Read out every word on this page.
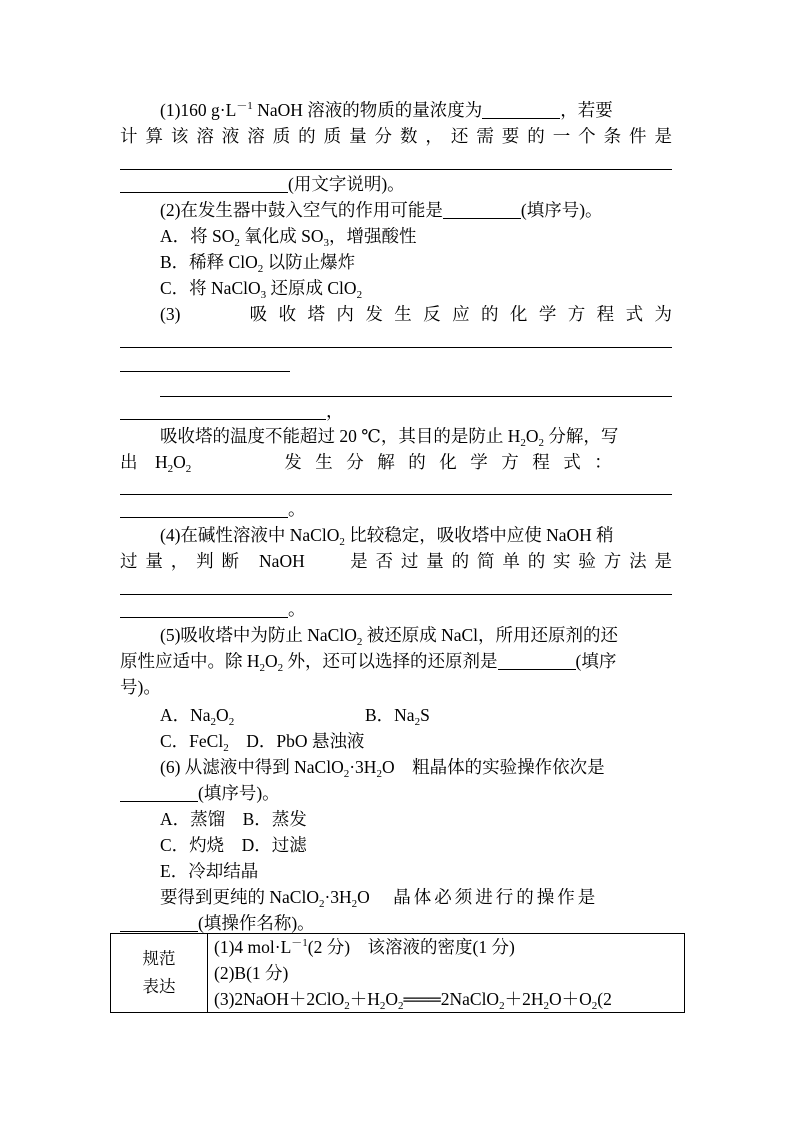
(1)160 $g\cdot L^{-1}$ NaOH 溶液的物质的量浓度为	，若要
计算该溶液溶质的质量分数，还需要的一个条件是
(用文字说明)。
(2)在发生器中鼓入空气的作用可能是	(填序号)。
A．将 $SO_2$ 氧化成 $SO_3$，增强酸性
B．稀释 ClO$_2$ 以防止爆炸
C．将 NaClO$_3$ 还原成 ClO$_2$
(3)　　吸收塔内发生反应的化学方程式为
，
吸收塔的温度不能超过 20 ℃，其目的是防止 $H_2O_2$ 分解，写
出　$H_2O_2$　　　发生分解的化学方程式：
。
(4)在碱性溶液中 NaClO$_2$ 比较稳定，吸收塔中应使 NaOH 稍
过量，判断 NaOH　 是否过量的简单的实验方法是
。
(5)吸收塔中为防止 NaClO$_2$ 被还原成 NaCl，所用还原剂的还
原性应适中。除 $H_2O_2$ 外，还可以选择的还原剂是	(填序
号)。
A．$Na_2O_2$	B．$Na_2S$
C．FeCl$_2$　D．PbO 悬浊液
(6) 从滤液中得到 $NaClO_2\cdot 3H_2O$　粗晶体的实验操作依次是
(填序号)。
A．蒸馏　B．蒸发
C．灼烧　D．过滤
E．冷却结晶
要得到更纯的 $NaClO_2\cdot 3H_2O$　晶体必须进行的操作是
(填操作名称)。
规范
表达

(1)4 $mol\cdot L^{-1}(2$ 分)　该溶液的密度(1 分)
(2)B(1 分)
$(3)2NaOH+2ClO_2+H_2O_2═══2NaClO_2+2H_2O+O_2(2$
